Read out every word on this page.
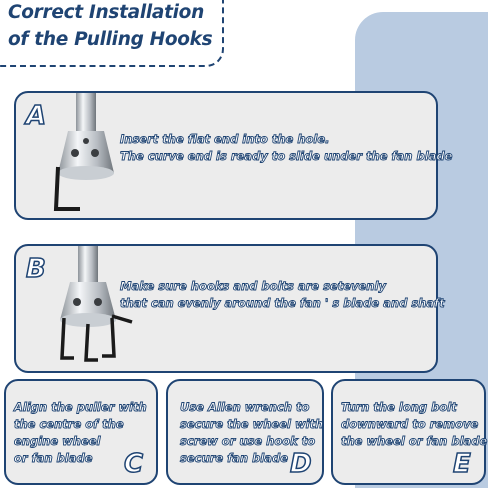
Correct Installation
of the Pulling Hooks
A
Insert the flat end into the hole.
The curve end is ready to slide under the fan blade
B
Make sure hooks and bolts are setevenly
that can evenly around the fan ' s blade and shaft
Align the puller with
the centre of the
engine wheel
or fan blade	C
Use Allen wrench to
secure the wheel with
screw or use hook to
secure fan blade D
Turn the long bolt
downward to remove
the wheel or fan blade
E
